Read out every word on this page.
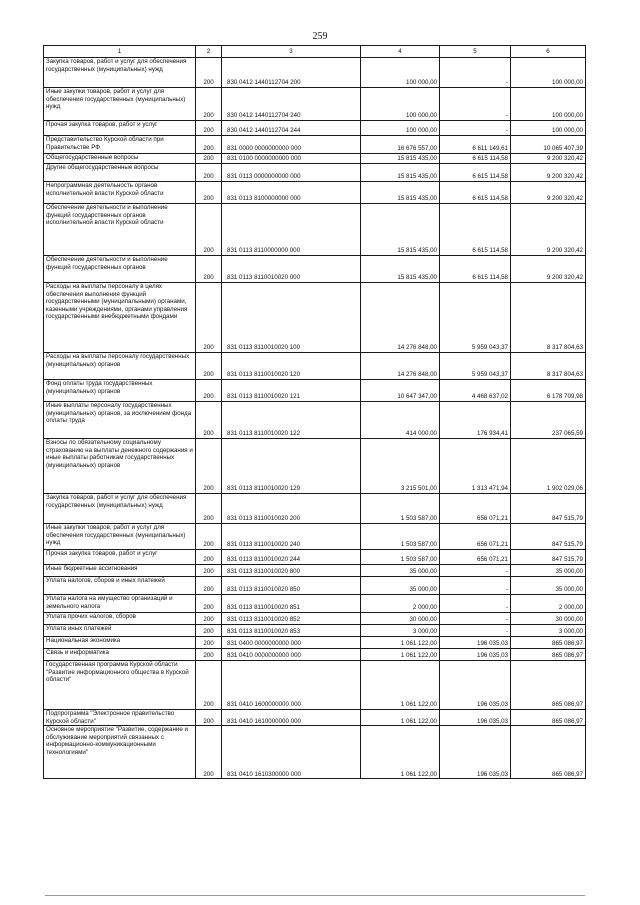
259
1	2	3	4	5	6
Закупка товаров, работ и услуг для обеспечения государственных (муниципальных) нужд	200	830 0412 1440112704 200	100 000,00	-	100 000,00
Иные закупки товаров, работ и услуг для обеспечения государственных (муниципальных) нужд	200	830 0412 1440112704 240	100 000,00	-	100 000,00
Прочая закупка товаров, работ и услуг	200	830 0412 1440112704 244	100 000,00	-	100 000,00
Представительство Курской области при Правительстве РФ	200	831 0000 0000000000 000	16 676 557,00	6 611 149,61	10 065 407,39
Общегосударственные вопросы	200	831 0100 0000000000 000	15 815 435,00	6 615 114,58	9 200 320,42
Другие общегосударственные вопросы	200	831 0113 0000000000 000	15 815 435,00	6 615 114,58	9 200 320,42
Непрограммная деятельность органов исполнительной власти Курской области	200	831 0113 8100000000 000	15 815 435,00	6 615 114,58	9 200 320,42
Обеспечение деятельности и выполнение функций государственных органов исполнительной власти Курской области	200	831 0113 8110000000 000	15 815 435,00	6 615 114,58	9 200 320,42
Обеспечение деятельности и выполнение функций государственных органов	200	831 0113 8110010020 000	15 815 435,00	6 615 114,58	9 200 320,42
Расходы на выплаты персоналу в целях обеспечения выполнения функций государственными (муниципальными) органами, казенными учреждениями, органами управления государственными внебюджетными фондами	200	831 0113 8110010020 100	14 276 848,00	5 959 043,37	8 317 804,63
Расходы на выплаты персоналу государственных (муниципальных) органов	200	831 0113 8110010020 120	14 276 848,00	5 959 043,37	8 317 804,63
Фонд оплаты труда государственных (муниципальных) органов	200	831 0113 8110010020 121	10 647 347,00	4 468 637,02	6 178 709,98
Иные выплаты персоналу государственных (муниципальных) органов, за исключением фонда оплаты труда	200	831 0113 8110010020 122	414 000,00	176 934,41	237 065,59
Взносы по обязательному социальному страхованию на выплаты денежного содержания и иные выплаты работникам государственных (муниципальных) органов	200	831 0113 8110010020 129	3 215 501,00	1 313 471,94	1 902 029,06
Закупка товаров, работ и услуг для обеспечения государственных (муниципальных) нужд	200	831 0113 8110010020 200	1 503 587,00	656 071,21	847 515,79
Иные закупки товаров, работ и услуг для обеспечения государственных (муниципальных) нужд	200	831 0113 8110010020 240	1 503 587,00	656 071,21	847 515,79
Прочая закупка товаров, работ и услуг	200	831 0113 8110010020 244	1 503 587,00	656 071,21	847 515,79
Иные бюджетные ассигнования	200	831 0113 8110010020 800	35 000,00	-	35 000,00
Уплата налогов, сборов и иных платежей	200	831 0113 8110010020 850	35 000,00	-	35 000,00
Уплата налога на имущество организаций и земельного налога	200	831 0113 8110010020 851	2 000,00	-	2 000,00
Уплата прочих налогов, сборов	200	831 0113 8110010020 852	30 000,00	-	30 000,00
Уплата иных платежей	200	831 0113 8110010020 853	3 000,00	-	3 000,00
Национальная экономика	200	831 0400 0000000000 000	1 061 122,00	196 035,03	865 086,97
Связь и информатика	200	831 0410 0000000000 000	1 061 122,00	196 035,03	865 086,97
Государственная программа Курской области "Развитие информационного общества в Курской области"	200	831 0410 1600000000 000	1 061 122,00	196 035,03	865 086,97
Подпрограмма "Электронное правительство Курской области"	200	831 0410 1610000000 000	1 061 122,00	196 035,03	865 086,97
Основное мероприятие "Развитие, содержание и обслуживание мероприятий связанных с информационно-коммуникационными технологиями"	200	831 0410 1610300000 000	1 061 122,00	196 035,03	865 086,97
